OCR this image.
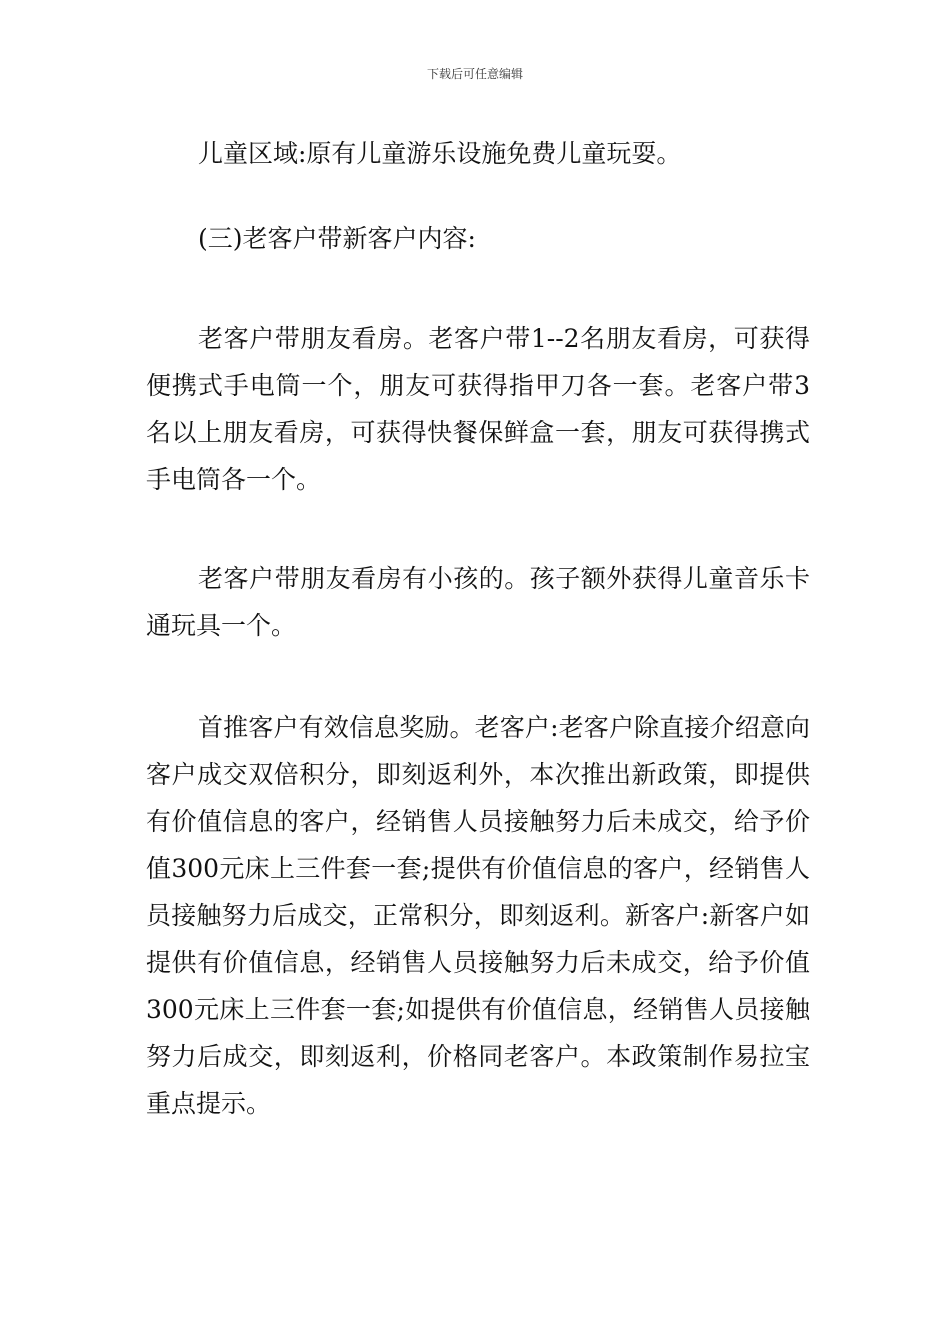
下载后可任意编辑

儿童区域:原有儿童游乐设施免费儿童玩耍。

(三)老客户带新客户内容:

老客户带朋友看房。老客户带1--2名朋友看房，可获得便携式手电筒一个，朋友可获得指甲刀各一套。老客户带3名以上朋友看房，可获得快餐保鲜盒一套，朋友可获得携式手电筒各一个。

老客户带朋友看房有小孩的。孩子额外获得儿童音乐卡通玩具一个。

首推客户有效信息奖励。老客户:老客户除直接介绍意向客户成交双倍积分，即刻返利外，本次推出新政策，即提供有价值信息的客户，经销售人员接触努力后未成交，给予价值300元床上三件套一套;提供有价值信息的客户，经销售人员接触努力后成交，正常积分，即刻返利。新客户:新客户如提供有价值信息，经销售人员接触努力后未成交，给予价值300元床上三件套一套;如提供有价值信息，经销售人员接触努力后成交，即刻返利，价格同老客户。本政策制作易拉宝重点提示。
